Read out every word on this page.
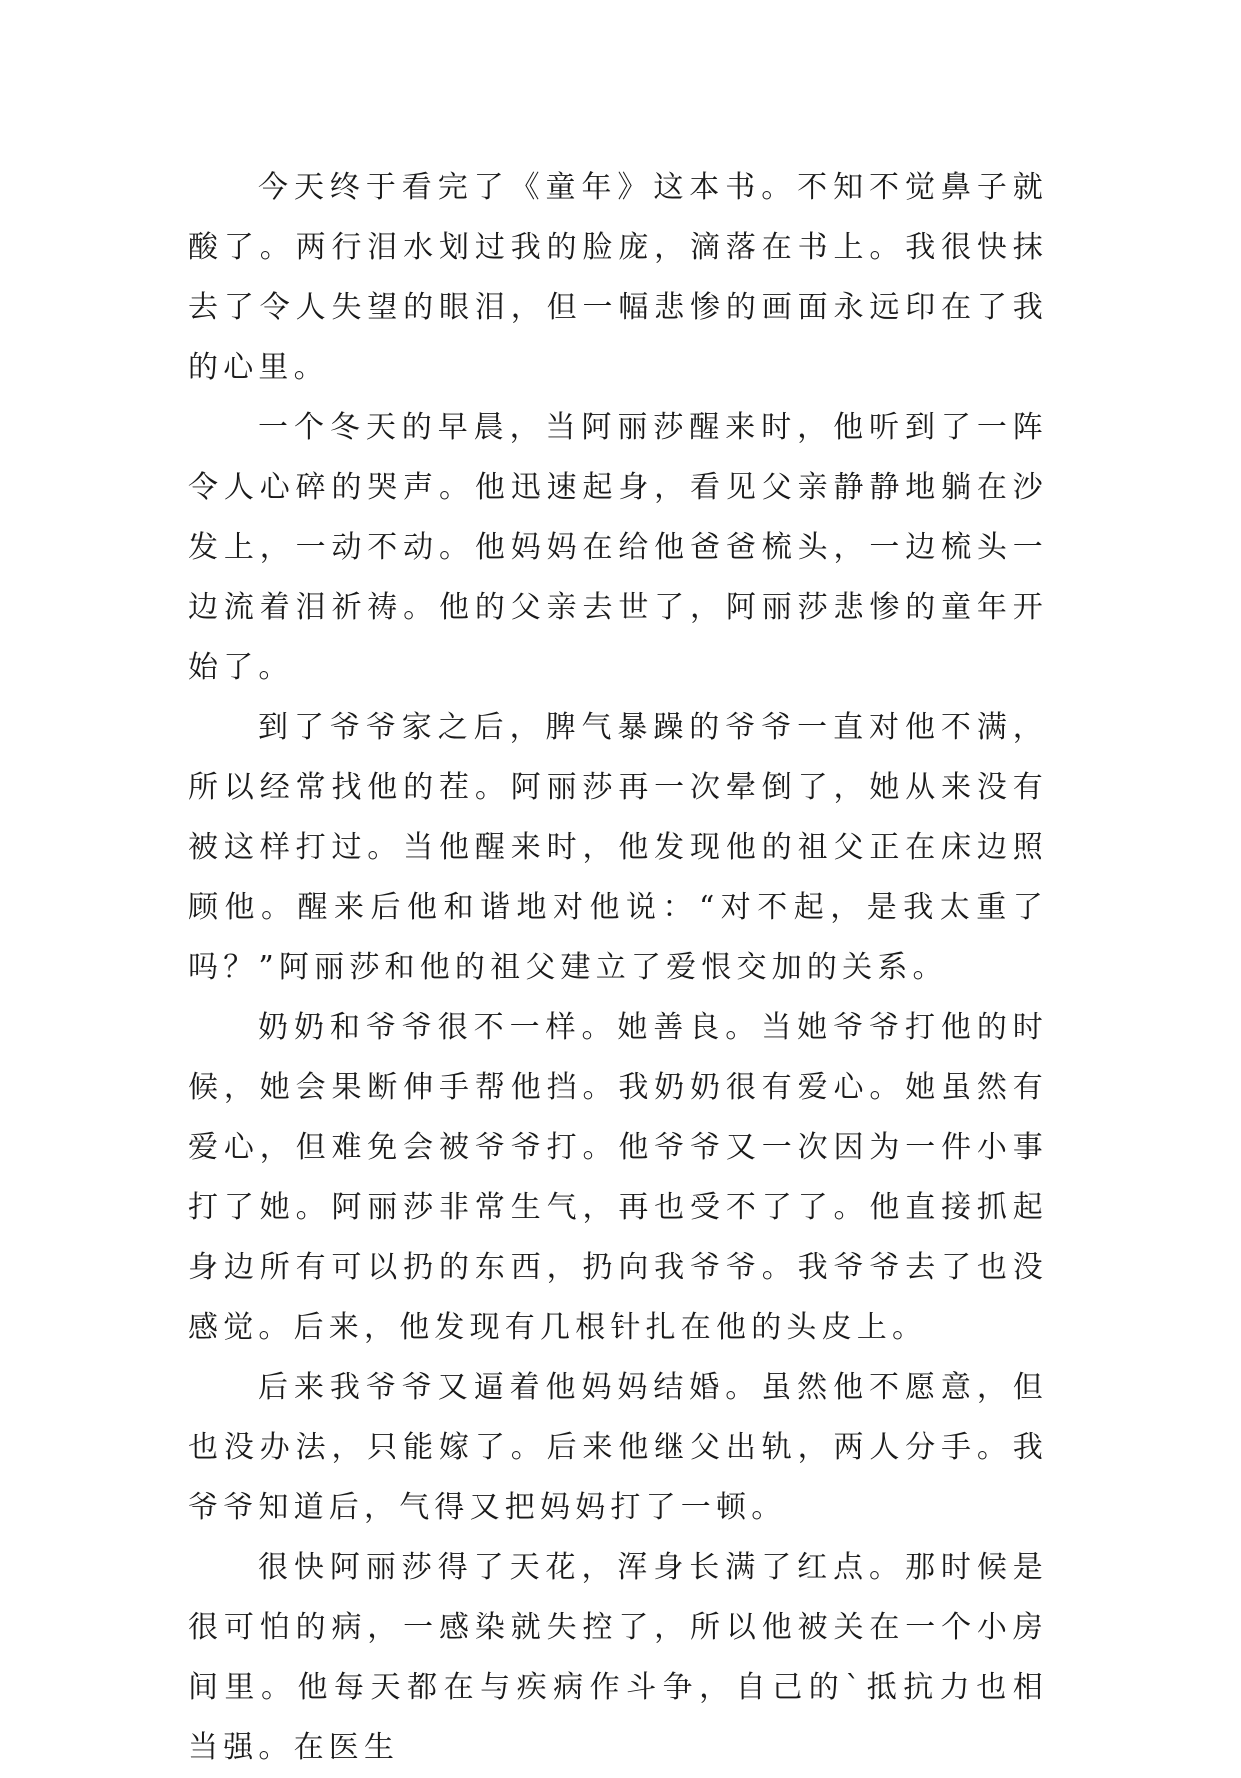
今天终于看完了《童年》这本书。不知不觉鼻子就酸了。两行泪水划过我的脸庞，滴落在书上。我很快抹去了令人失望的眼泪，但一幅悲惨的画面永远印在了我的心里。

一个冬天的早晨，当阿丽莎醒来时，他听到了一阵令人心碎的哭声。他迅速起身，看见父亲静静地躺在沙发上，一动不动。他妈妈在给他爸爸梳头，一边梳头一边流着泪祈祷。他的父亲去世了，阿丽莎悲惨的童年开始了。

到了爷爷家之后，脾气暴躁的爷爷一直对他不满，所以经常找他的茬。阿丽莎再一次晕倒了，她从来没有被这样打过。当他醒来时，他发现他的祖父正在床边照顾他。醒来后他和谐地对他说：“对不起，是我太重了吗？”阿丽莎和他的祖父建立了爱恨交加的关系。

奶奶和爷爷很不一样。她善良。当她爷爷打他的时候，她会果断伸手帮他挡。我奶奶很有爱心。她虽然有爱心，但难免会被爷爷打。他爷爷又一次因为一件小事打了她。阿丽莎非常生气，再也受不了了。他直接抓起身边所有可以扔的东西，扔向我爷爷。我爷爷去了也没感觉。后来，他发现有几根针扎在他的头皮上。

后来我爷爷又逼着他妈妈结婚。虽然他不愿意，但也没办法，只能嫁了。后来他继父出轨，两人分手。我爷爷知道后，气得又把妈妈打了一顿。

很快阿丽莎得了天花，浑身长满了红点。那时候是很可怕的病，一感染就失控了，所以他被关在一个小房间里。他每天都在与疾病作斗争，自己的`抵抗力也相当强。在医生
